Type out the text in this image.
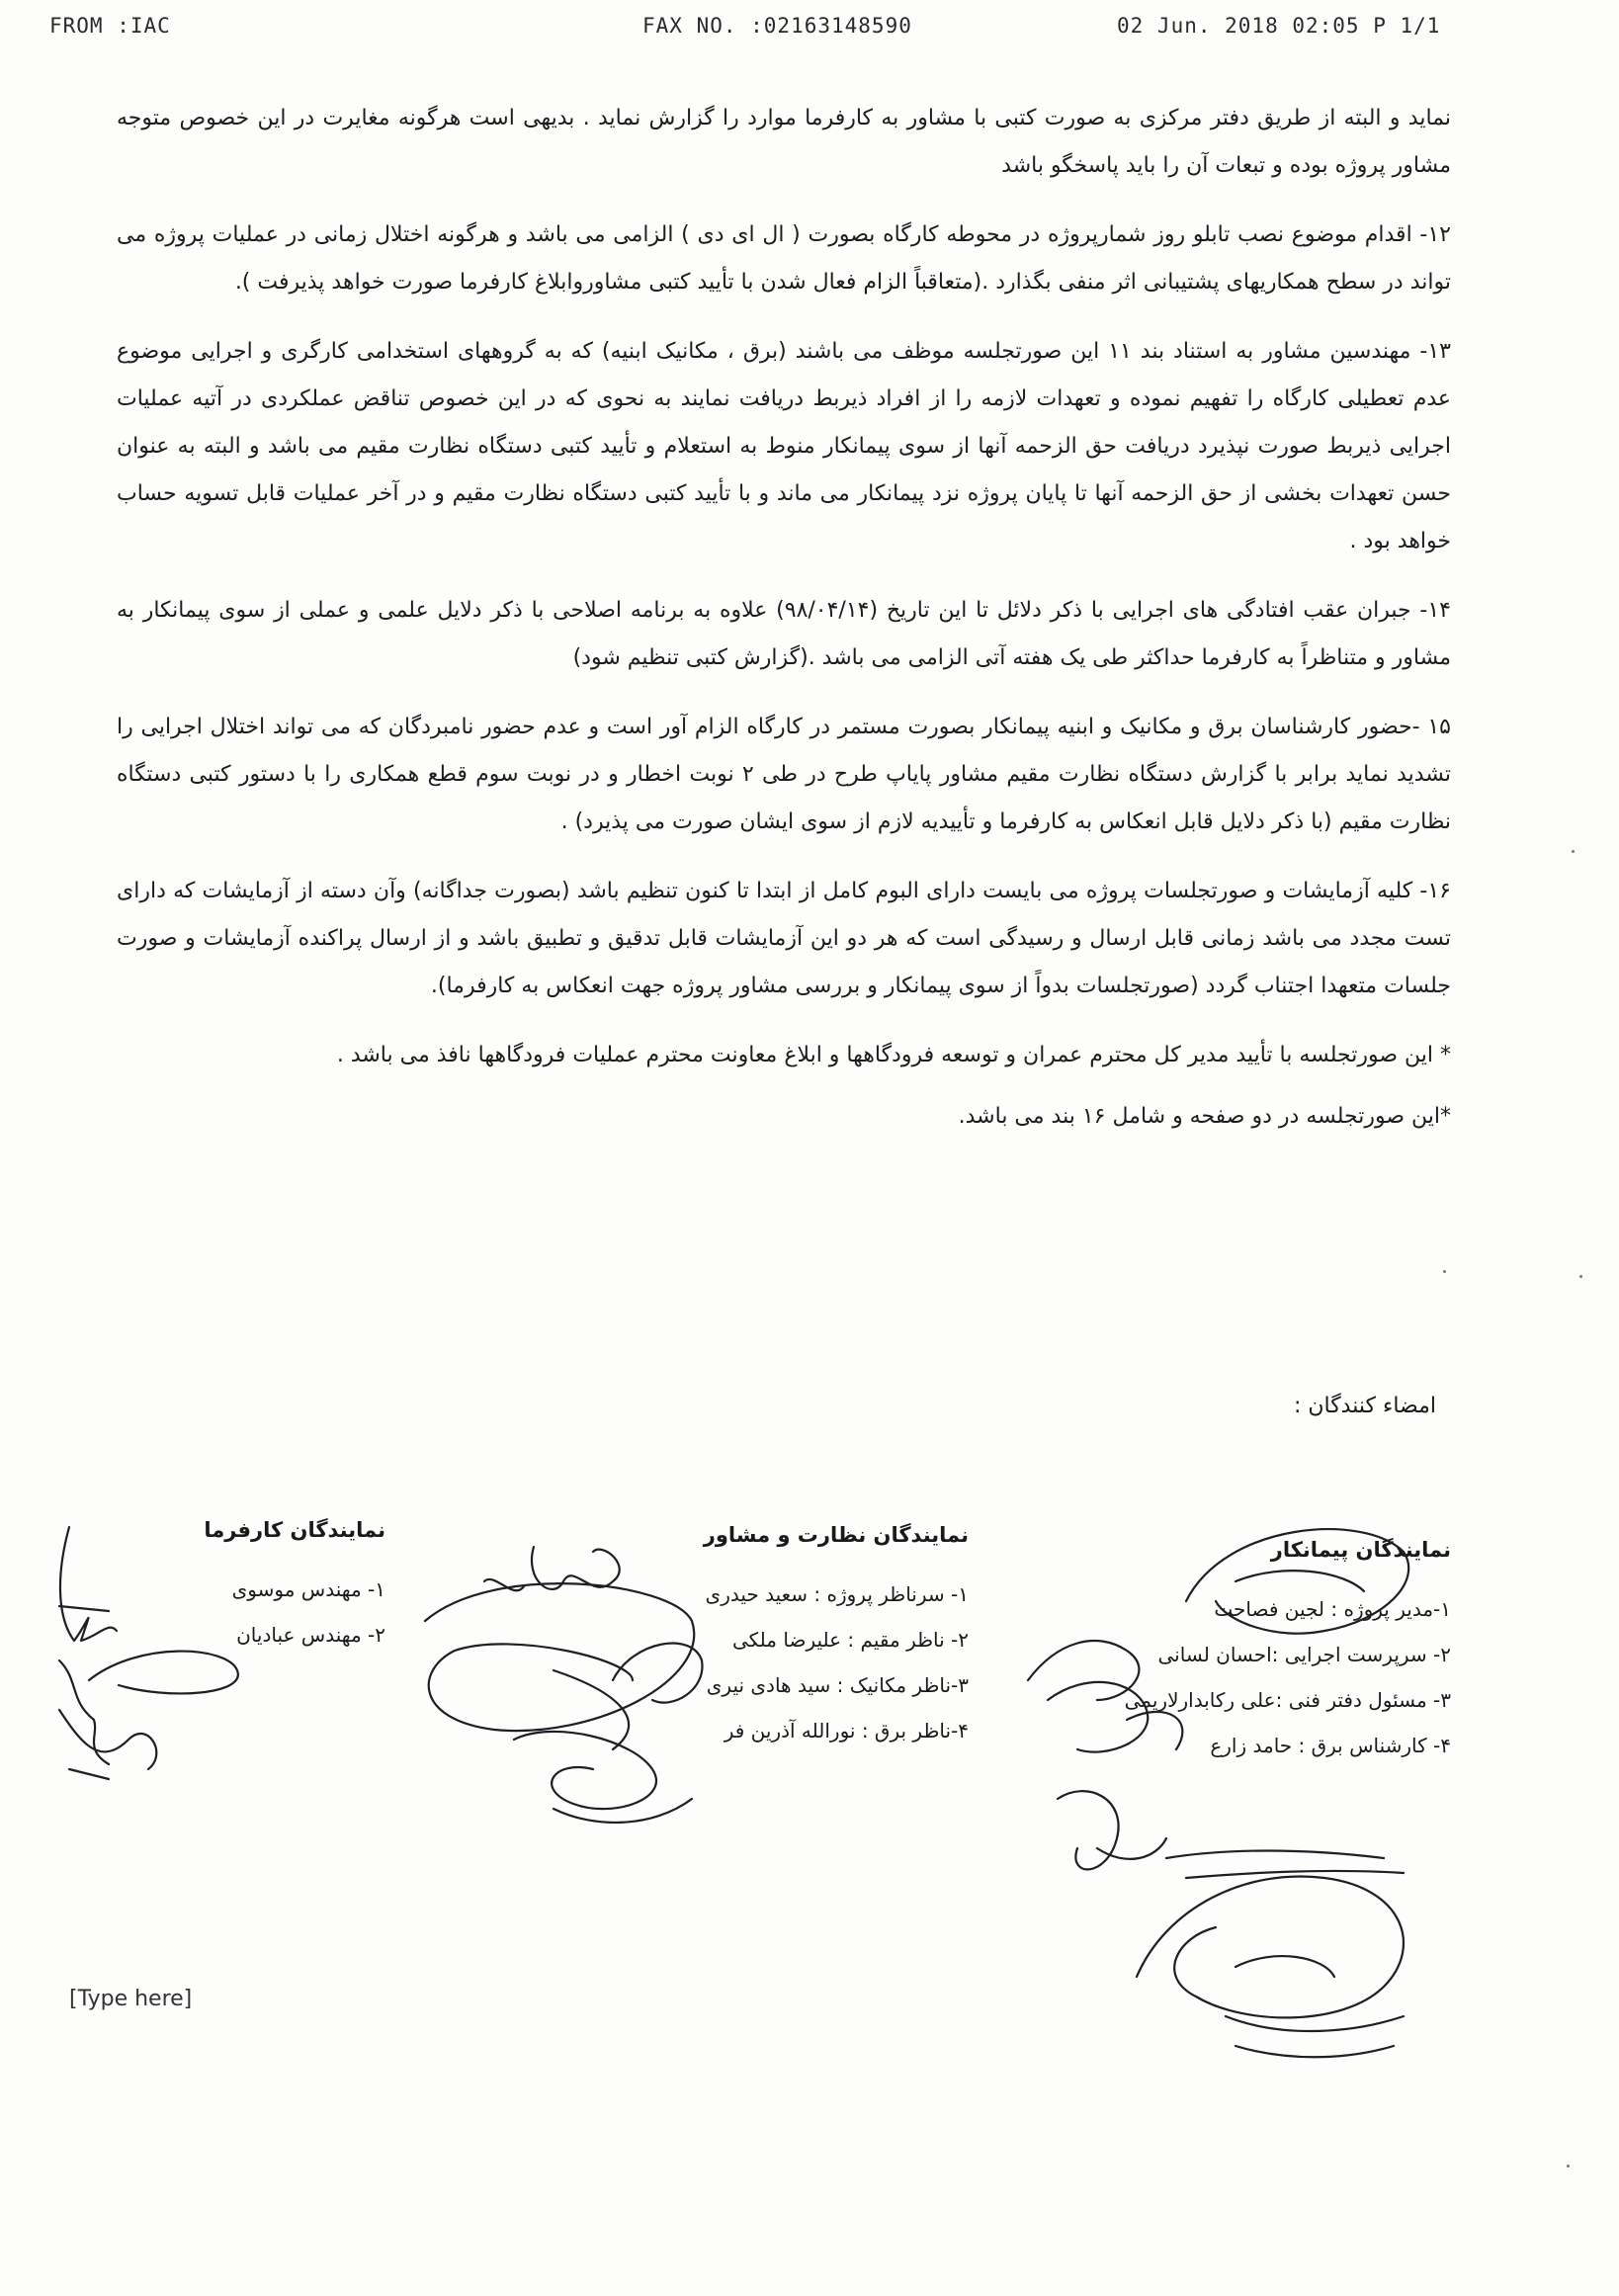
FROM :IAC	FAX NO. :02163148590	02 Jun. 2018 02:05 P 1/1

نماید و البته از طریق دفتر مرکزی به صورت کتبی با مشاور به کارفرما موارد را گزارش نماید . بدیهی است هرگونه مغایرت در این خصوص متوجه مشاور پروژه بوده و تبعات آن را باید پاسخگو باشد

۱۲- اقدام موضوع نصب تابلو روز شمارپروژه در محوطه کارگاه بصورت ( ال ای دی ) الزامی می باشد و هرگونه اختلال زمانی در عملیات پروژه می تواند در سطح همکاریهای پشتیبانی اثر منفی بگذارد .(متعاقباً الزام فعال شدن با تأیید کتبی مشاوروابلاغ کارفرما صورت خواهد پذیرفت ).

۱۳- مهندسین مشاور به استناد بند ۱۱ این صورتجلسه موظف می باشند (برق ، مکانیک ابنیه) که به گروههای استخدامی کارگری و اجرایی موضوع عدم تعطیلی کارگاه را تفهیم نموده و تعهدات لازمه را از افراد ذیربط دریافت نمایند به نحوی که در این خصوص تناقض عملکردی در آتیه عملیات اجرایی ذیربط صورت نپذیرد دریافت حق الزحمه آنها از سوی پیمانکار منوط به استعلام و تأیید کتبی دستگاه نظارت مقیم می باشد و البته به عنوان حسن تعهدات بخشی از حق الزحمه آنها تا پایان پروژه نزد پیمانکار می ماند و با تأیید کتبی دستگاه نظارت مقیم و در آخر عملیات قابل تسویه حساب خواهد بود .

۱۴- جبران عقب افتادگی های اجرایی با ذکر دلائل تا این تاریخ (۹۸/۰۴/۱۴) علاوه به برنامه اصلاحی با ذکر دلایل علمی و عملی از سوی پیمانکار به مشاور و متناظراً به کارفرما حداکثر طی یک هفته آتی الزامی می باشد .(گزارش کتبی تنظیم شود)

۱۵ -حضور کارشناسان برق و مکانیک و ابنیه پیمانکار بصورت مستمر در کارگاه الزام آور است و عدم حضور نامبردگان که می تواند اختلال اجرایی را تشدید نماید برابر با گزارش دستگاه نظارت مقیم مشاور پایاپ طرح در طی ۲ نوبت اخطار و در نوبت سوم قطع همکاری را با دستور کتبی دستگاه نظارت مقیم (با ذکر دلایل قابل انعکاس به کارفرما و تأییدیه لازم از سوی ایشان صورت می پذیرد) .

۱۶- کلیه آزمایشات و صورتجلسات پروژه می بایست دارای البوم کامل از ابتدا تا کنون تنظیم باشد (بصورت جداگانه) وآن دسته از آزمایشات که دارای تست مجدد می باشد زمانی قابل ارسال و رسیدگی است که هر دو این آزمایشات قابل تدقیق و تطبیق باشد و از ارسال پراکنده آزمایشات و صورت جلسات متعهدا اجتناب گردد (صورتجلسات بدواً از سوی پیمانکار و بررسی مشاور پروژه جهت انعکاس به کارفرما).

* این صورتجلسه با تأیید مدیر کل محترم عمران و توسعه فرودگاهها و ابلاغ معاونت محترم عملیات فرودگاهها نافذ می باشد .

*این صورتجلسه در دو صفحه و شامل ۱۶ بند می باشد.

امضاء کنندگان :
نمایندگان پیمانکار
۱-مدیر پروژه : لجین فصاحت
۲- سرپرست اجرایی :احسان لسانی
۳- مسئول دفتر فنی :علی رکابدارلاریمی
۴- کارشناس برق : حامد زارع
نمایندگان نظارت و مشاور
۱- سرناظر پروژه : سعید حیدری
۲- ناظر مقیم : علیرضا ملکی
۳-ناظر مکانیک : سید هادی نیری
۴-ناظر برق : نورالله آذرین فر
نمایندگان کارفرما
۱- مهندس موسوی
۲- مهندس عبادیان
[Type here]
